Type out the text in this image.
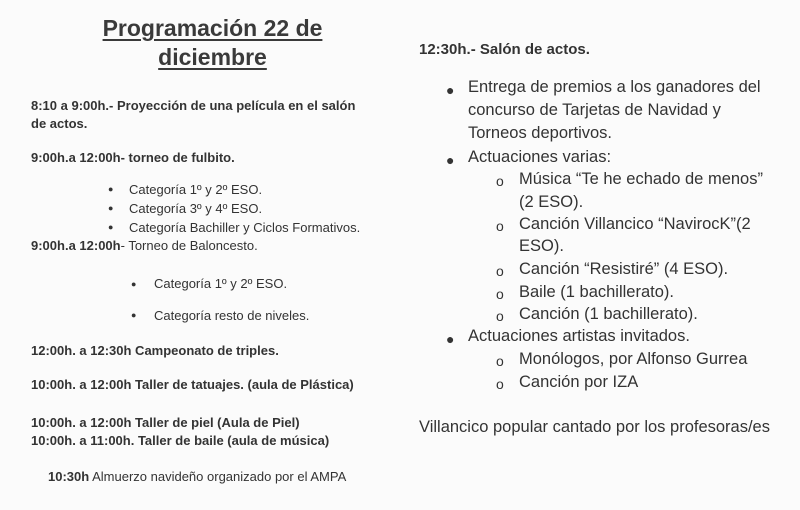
Programación 22 de
diciembre
8:10 a 9:00h.- Proyección de una película en el salón
de actos.
9:00h.a 12:00h- torneo de fulbito.
● Categoría 1º y 2º ESO.
● Categoría 3º y 4º ESO.
● Categoría Bachiller y Ciclos Formativos.
9:00h.a 12:00h- Torneo de Baloncesto.
● Categoría 1º y 2º ESO.
● Categoría resto de niveles.
12:00h. a 12:30h Campeonato de triples.
10:00h. a 12:00h Taller de tatuajes. (aula de Plástica)
10:00h. a 12:00h Taller de piel (Aula de Piel)
10:00h. a 11:00h. Taller de baile (aula de música)
10:30h Almuerzo navideño organizado por el AMPA
12:30h.- Salón de actos.
● Entrega de premios a los ganadores del
concurso de Tarjetas de Navidad y
Torneos deportivos.
● Actuaciones varias:
o Música “Te he echado de menos”
(2 ESO).
o Canción Villancico “NavirocK”(2
ESO).
o Canción “Resistiré” (4 ESO).
o Baile (1 bachillerato).
o Canción (1 bachillerato).
● Actuaciones artistas invitados.
o Monólogos, por Alfonso Gurrea
o Canción por IZA
Villancico popular cantado por los profesoras/es
